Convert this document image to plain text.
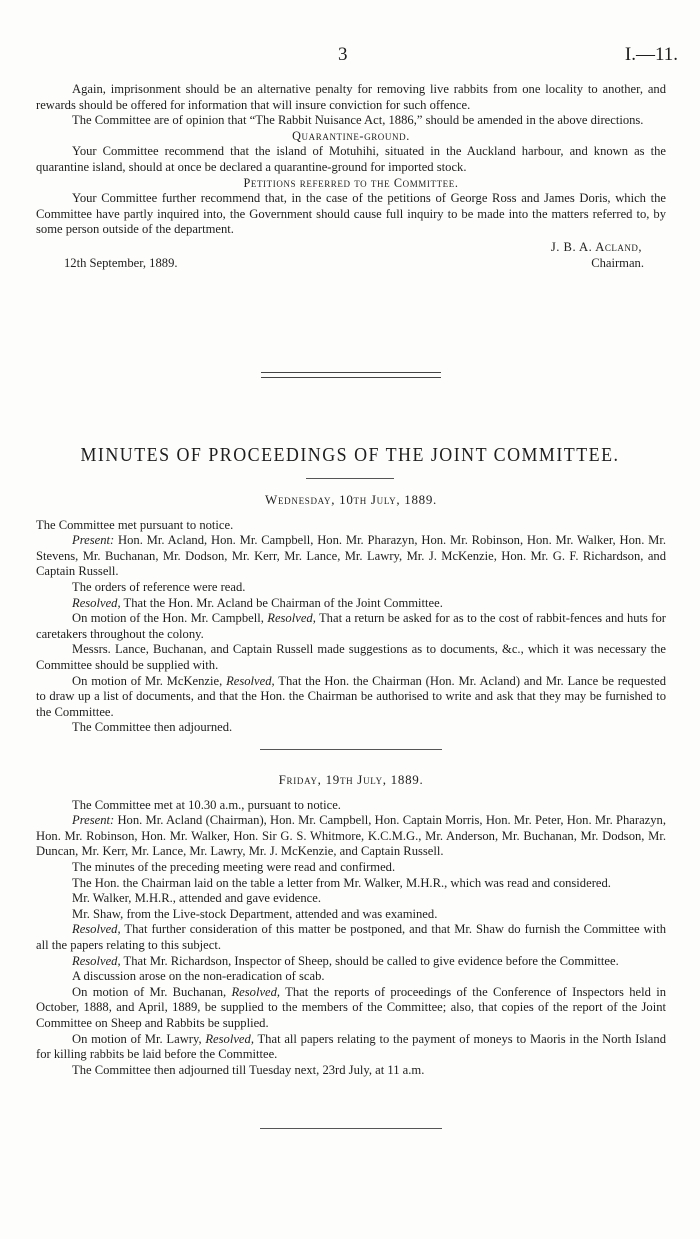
3	I.—11.

Again, imprisonment should be an alternative penalty for removing live rabbits from one locality to another, and rewards should be offered for information that will insure conviction for such offence.

The Committee are of opinion that “The Rabbit Nuisance Act, 1886,” should be amended in the above directions.

Quarantine-ground.

Your Committee recommend that the island of Motuhihi, situated in the Auckland harbour, and known as the quarantine island, should at once be declared a quarantine-ground for imported stock.

Petitions referred to the Committee.

Your Committee further recommend that, in the case of the petitions of George Ross and James Doris, which the Committee have partly inquired into, the Government should cause full inquiry to be made into the matters referred to, by some person outside of the department.

J. B. A. Acland,
12th September, 1889.	Chairman.
MINUTES OF PROCEEDINGS OF THE JOINT COMMITTEE.

Wednesday, 10th July, 1889.

The Committee met pursuant to notice.

Present: Hon. Mr. Acland, Hon. Mr. Campbell, Hon. Mr. Pharazyn, Hon. Mr. Robinson, Hon. Mr. Walker, Hon. Mr. Stevens, Mr. Buchanan, Mr. Dodson, Mr. Kerr, Mr. Lance, Mr. Lawry, Mr. J. McKenzie, Hon. Mr. G. F. Richardson, and Captain Russell.

The orders of reference were read.

Resolved, That the Hon. Mr. Acland be Chairman of the Joint Committee.

On motion of the Hon. Mr. Campbell, Resolved, That a return be asked for as to the cost of rabbit-fences and huts for caretakers throughout the colony.

Messrs. Lance, Buchanan, and Captain Russell made suggestions as to documents, &c., which it was necessary the Committee should be supplied with.

On motion of Mr. McKenzie, Resolved, That the Hon. the Chairman (Hon. Mr. Acland) and Mr. Lance be requested to draw up a list of documents, and that the Hon. the Chairman be authorised to write and ask that they may be furnished to the Committee.

The Committee then adjourned.

Friday, 19th July, 1889.

The Committee met at 10.30 a.m., pursuant to notice.

Present: Hon. Mr. Acland (Chairman), Hon. Mr. Campbell, Hon. Captain Morris, Hon. Mr. Peter, Hon. Mr. Pharazyn, Hon. Mr. Robinson, Hon. Mr. Walker, Hon. Sir G. S. Whitmore, K.C.M.G., Mr. Anderson, Mr. Buchanan, Mr. Dodson, Mr. Duncan, Mr. Kerr, Mr. Lance, Mr. Lawry, Mr. J. McKenzie, and Captain Russell.

The minutes of the preceding meeting were read and confirmed.

The Hon. the Chairman laid on the table a letter from Mr. Walker, M.H.R., which was read and considered.

Mr. Walker, M.H.R., attended and gave evidence.

Mr. Shaw, from the Live-stock Department, attended and was examined.

Resolved, That further consideration of this matter be postponed, and that Mr. Shaw do furnish the Committee with all the papers relating to this subject.

Resolved, That Mr. Richardson, Inspector of Sheep, should be called to give evidence before the Committee.

A discussion arose on the non-eradication of scab.

On motion of Mr. Buchanan, Resolved, That the reports of proceedings of the Conference of Inspectors held in October, 1888, and April, 1889, be supplied to the members of the Committee; also, that copies of the report of the Joint Committee on Sheep and Rabbits be supplied.

On motion of Mr. Lawry, Resolved, That all papers relating to the payment of moneys to Maoris in the North Island for killing rabbits be laid before the Committee.

The Committee then adjourned till Tuesday next, 23rd July, at 11 a.m.
